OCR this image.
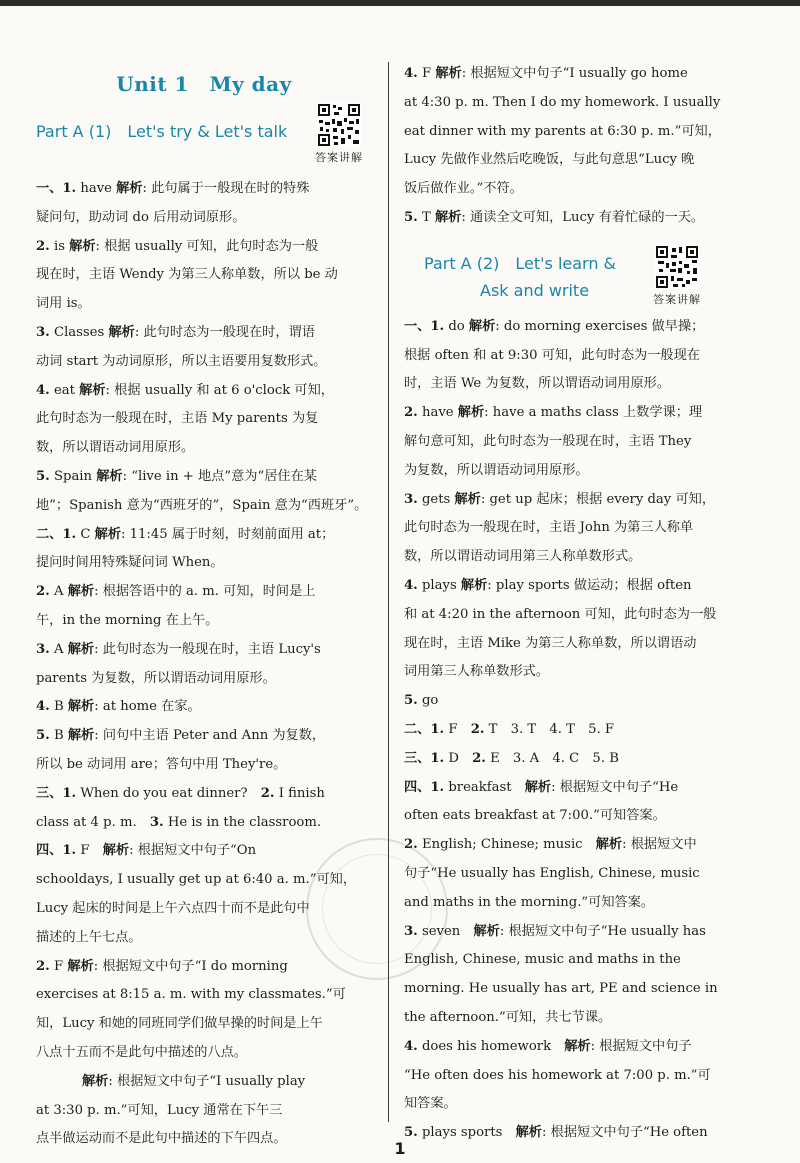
Unit 1　My day
Part A (1)　Let's try & Let's talk
答案讲解

一、1. have 解析: 此句属于一般现在时的特殊

疑问句，助动词 do 后用动词原形。

2. is 解析: 根据 usually 可知，此句时态为一般

现在时，主语 Wendy 为第三人称单数，所以 be 动

词用 is。

3. Classes 解析: 此句时态为一般现在时，谓语

动词 start 为动词原形，所以主语要用复数形式。

4. eat 解析: 根据 usually 和 at 6 o'clock 可知，

此句时态为一般现在时，主语 My parents 为复

数，所以谓语动词用原形。

5. Spain 解析: “live in + 地点”意为“居住在某

地”；Spanish 意为“西班牙的”，Spain 意为“西班牙”。

二、1. C 解析: 11:45 属于时刻，时刻前面用 at；

提问时间用特殊疑问词 When。

2. A 解析: 根据答语中的 a. m. 可知，时间是上

午，in the morning 在上午。

3. A 解析: 此句时态为一般现在时，主语 Lucy's

parents 为复数，所以谓语动词用原形。

4. B 解析: at home 在家。

5. B 解析: 问句中主语 Peter and Ann 为复数，

所以 be 动词用 are；答句中用 They're。

三、1. When do you eat dinner?　2. I finish

class at 4 p. m.　3. He is in the classroom.

四、1. F　解析: 根据短文中句子“On

schooldays, I usually get up at 6:40 a. m.”可知，

Lucy 起床的时间是上午六点四十而不是此句中

描述的上午七点。

2. F 解析: 根据短文中句子“I do morning

exercises at 8:15 a. m. with my classmates.”可

知，Lucy 和她的同班同学们做早操的时间是上午

八点十五而不是此句中描述的八点。

解析: 根据短文中句子“I usually play

at 3:30 p. m.”可知，Lucy 通常在下午三

点半做运动而不是此句中描述的下午四点。

4. F 解析: 根据短文中句子“I usually go home

at 4:30 p. m. Then I do my homework. I usually

eat dinner with my parents at 6:30 p. m.”可知，

Lucy 先做作业然后吃晚饭，与此句意思“Lucy 晚

饭后做作业。”不符。

5. T 解析: 通读全文可知，Lucy 有着忙碌的一天。

Part A (2)　Let's learn &
Ask and write	答案讲解

一、1. do 解析: do morning exercises 做早操；

根据 often 和 at 9:30 可知，此句时态为一般现在

时，主语 We 为复数，所以谓语动词用原形。

2. have 解析: have a maths class 上数学课；理

解句意可知，此句时态为一般现在时，主语 They

为复数，所以谓语动词用原形。

3. gets 解析: get up 起床；根据 every day 可知，

此句时态为一般现在时，主语 John 为第三人称单

数，所以谓语动词用第三人称单数形式。

4. plays 解析: play sports 做运动；根据 often

和 at 4:20 in the afternoon 可知，此句时态为一般

现在时，主语 Mike 为第三人称单数，所以谓语动

词用第三人称单数形式。

5. go

二、1. F　2. T　3. T　4. T　5. F

三、1. D　2. E　3. A　4. C　5. B

四、1. breakfast　解析: 根据短文中句子“He

often eats breakfast at 7:00.”可知答案。

2. English; Chinese; music　解析: 根据短文中

句子“He usually has English, Chinese, music

and maths in the morning.”可知答案。

3. seven　解析: 根据短文中句子“He usually has

English, Chinese, music and maths in the

morning. He usually has art, PE and science in

the afternoon.”可知，共七节课。

4. does his homework　解析: 根据短文中句子

“He often does his homework at 7:00 p. m.”可

知答案。

5. plays sports　解析: 根据短文中句子“He often

1
